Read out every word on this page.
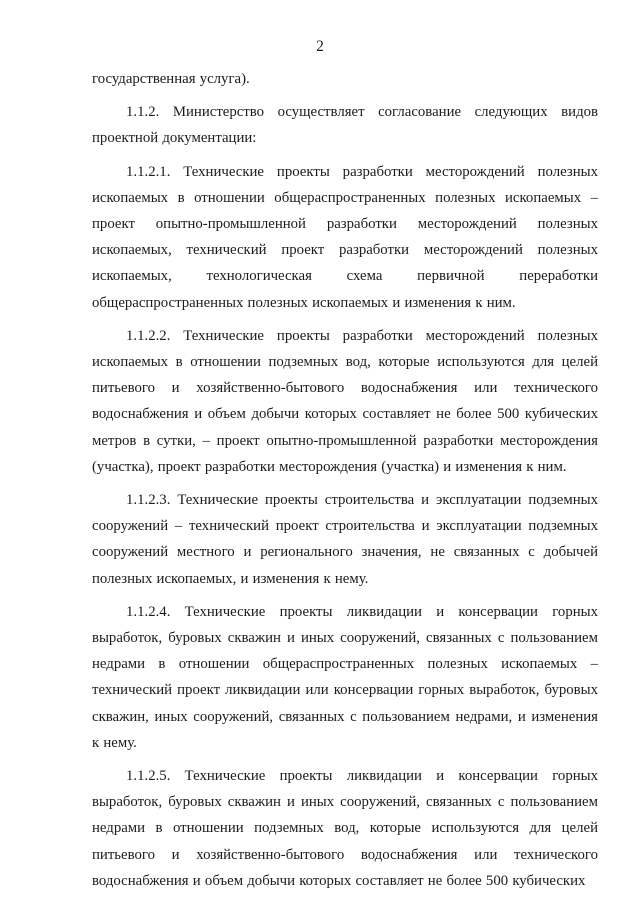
2

государственная услуга).

1.1.2. Министерство осуществляет согласование следующих видов проектной документации:

1.1.2.1. Технические проекты разработки месторождений полезных ископаемых в отношении общераспространенных полезных ископаемых – проект опытно-промышленной разработки месторождений полезных ископаемых, технический проект разработки месторождений полезных ископаемых, технологическая схема первичной переработки общераспространенных полезных ископаемых и изменения к ним.

1.1.2.2. Технические проекты разработки месторождений полезных ископаемых в отношении подземных вод, которые используются для целей питьевого и хозяйственно-бытового водоснабжения или технического водоснабжения и объем добычи которых составляет не более 500 кубических метров в сутки, – проект опытно-промышленной разработки месторождения (участка), проект разработки месторождения (участка) и изменения к ним.

1.1.2.3. Технические проекты строительства и эксплуатации подземных сооружений – технический проект строительства и эксплуатации подземных сооружений местного и регионального значения, не связанных с добычей полезных ископаемых, и изменения к нему.

1.1.2.4. Технические проекты ликвидации и консервации горных выработок, буровых скважин и иных сооружений, связанных с пользованием недрами в отношении общераспространенных полезных ископаемых – технический проект ликвидации или консервации горных выработок, буровых скважин, иных сооружений, связанных с пользованием недрами, и изменения к нему.

1.1.2.5. Технические проекты ликвидации и консервации горных выработок, буровых скважин и иных сооружений, связанных с пользованием недрами в отношении подземных вод, которые используются для целей питьевого и хозяйственно-бытового водоснабжения или технического водоснабжения и объем добычи которых составляет не более 500 кубических
